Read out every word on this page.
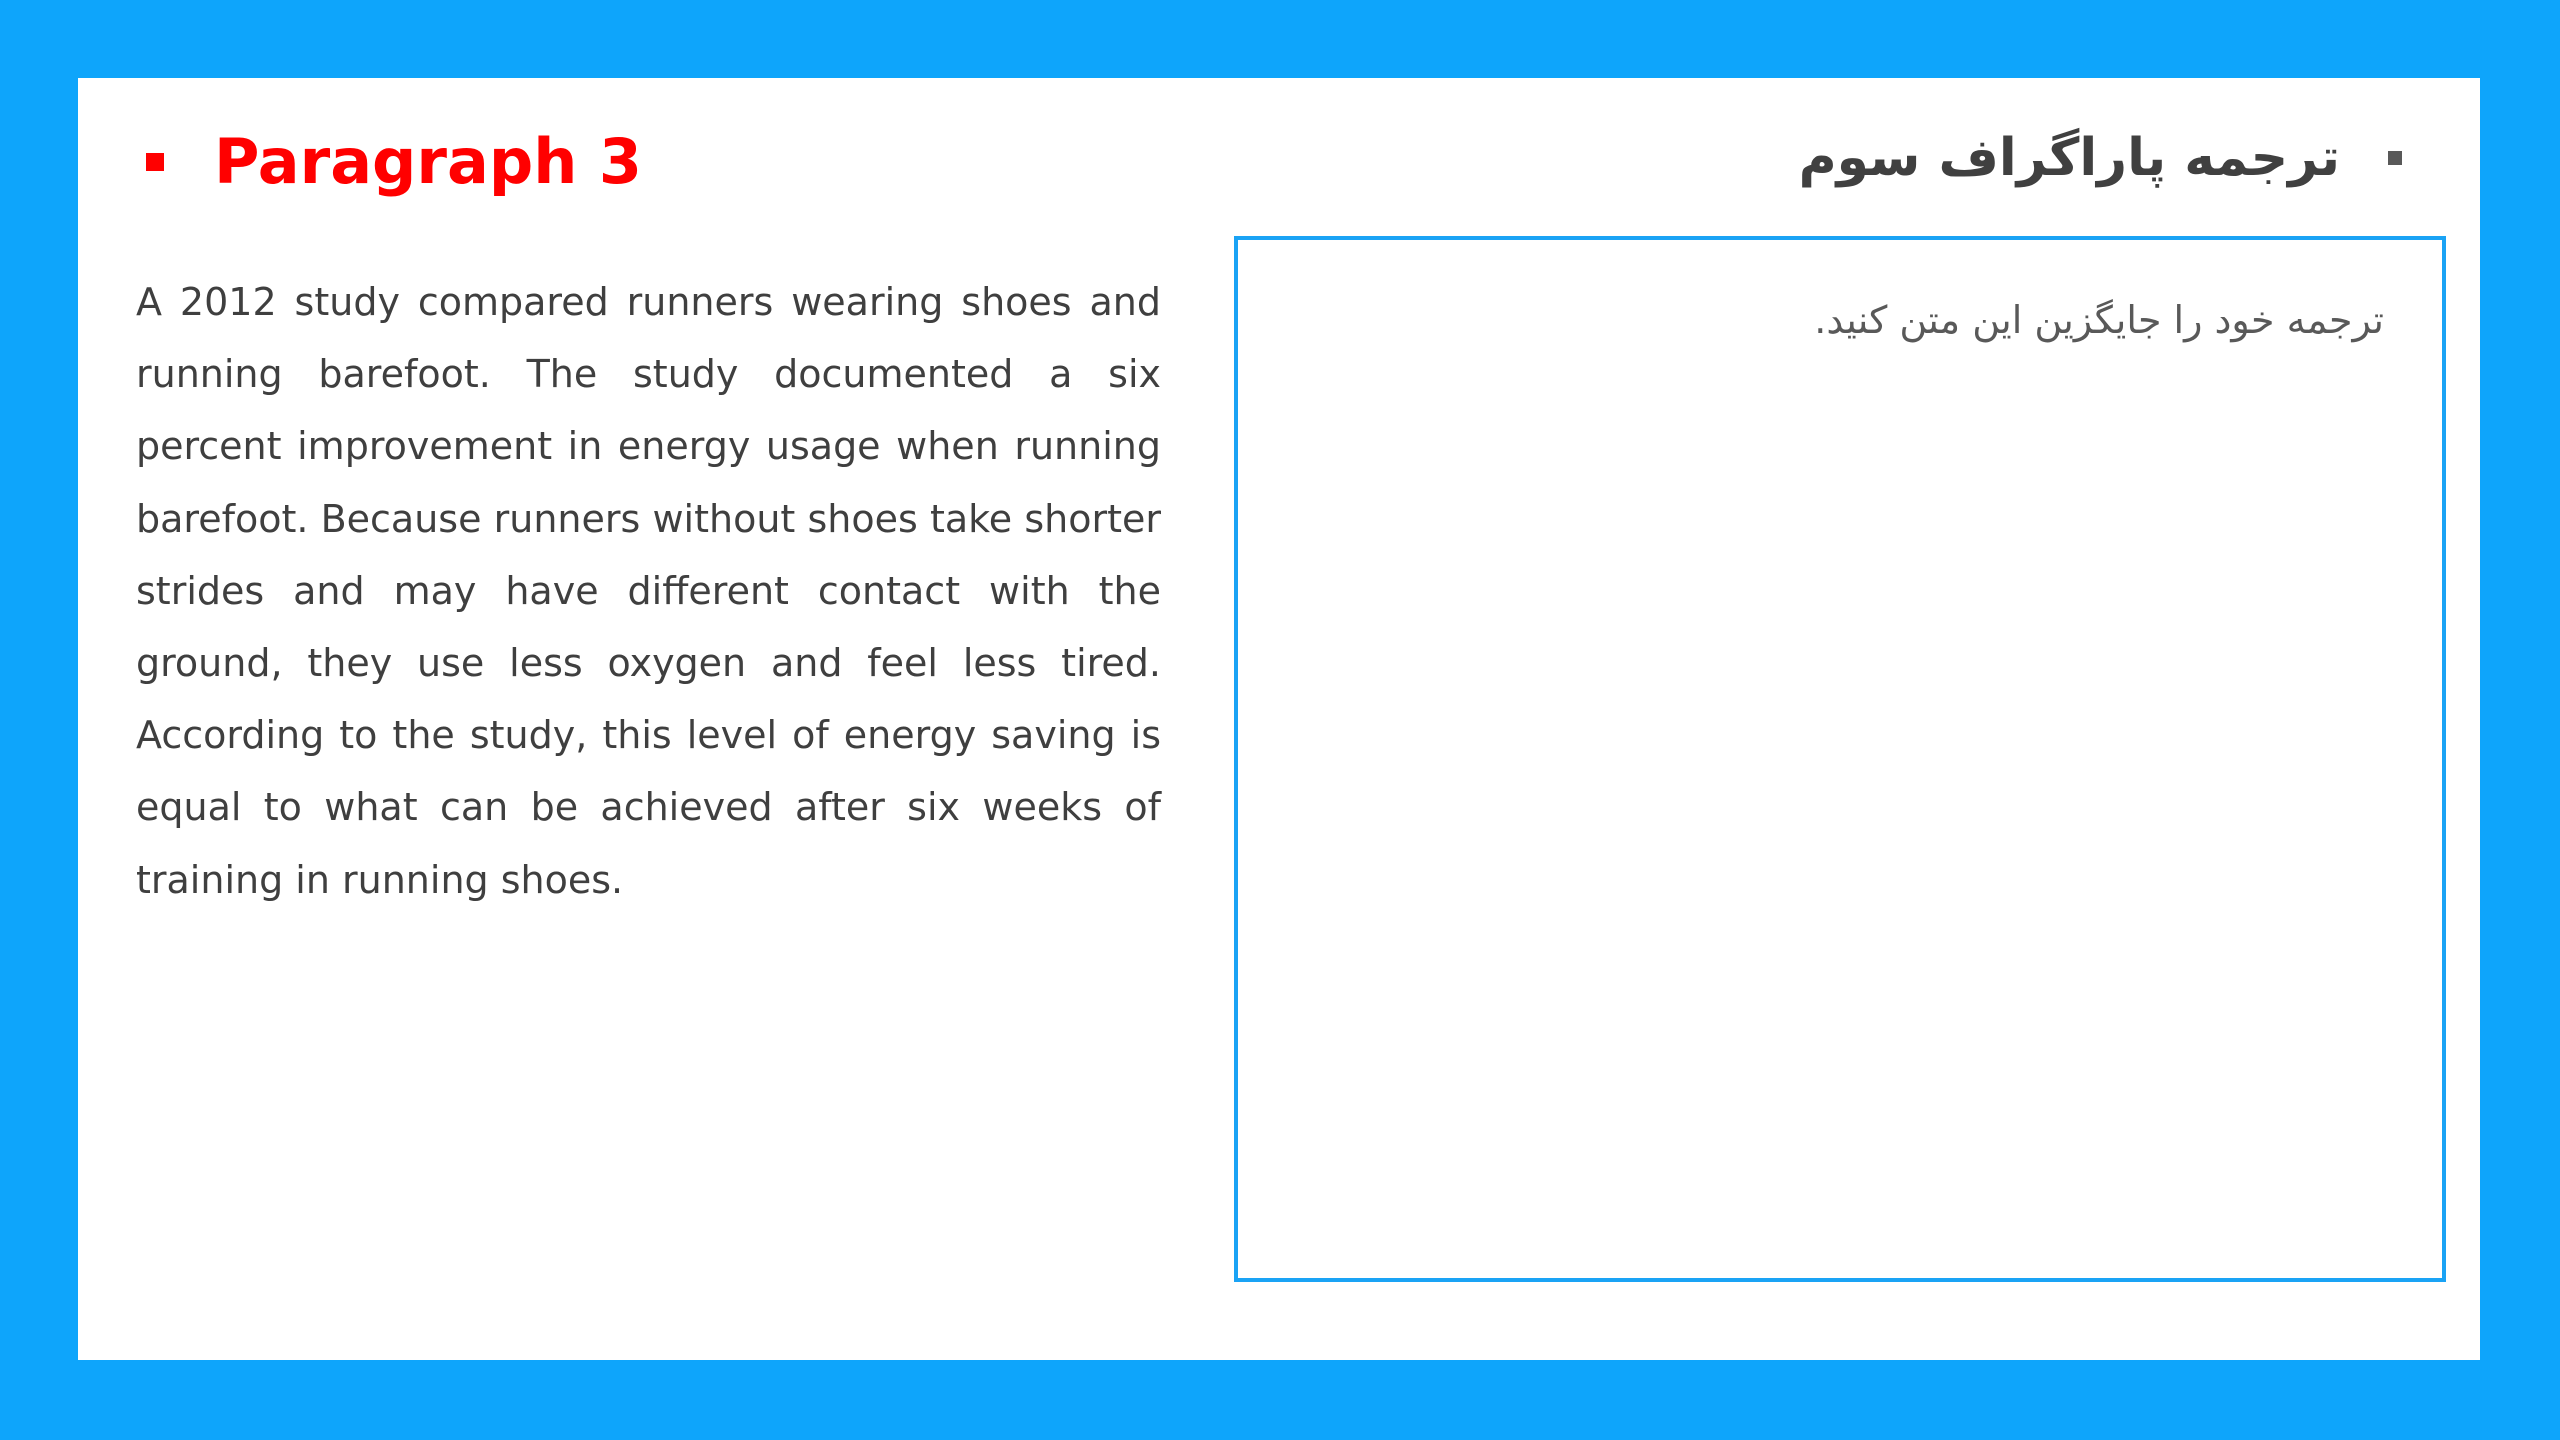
Paragraph 3
A 2012 study compared runners wearing shoes and running barefoot. The study documented a six percent improvement in energy usage when running barefoot. Because runners without shoes take shorter strides and may have different contact with the ground, they use less oxygen and feel less tired. According to the study, this level of energy saving is equal to what can be achieved after six weeks of training in running shoes.
ترجمه پاراگراف سوم
ترجمه خود را جایگزین این متن کنید.
